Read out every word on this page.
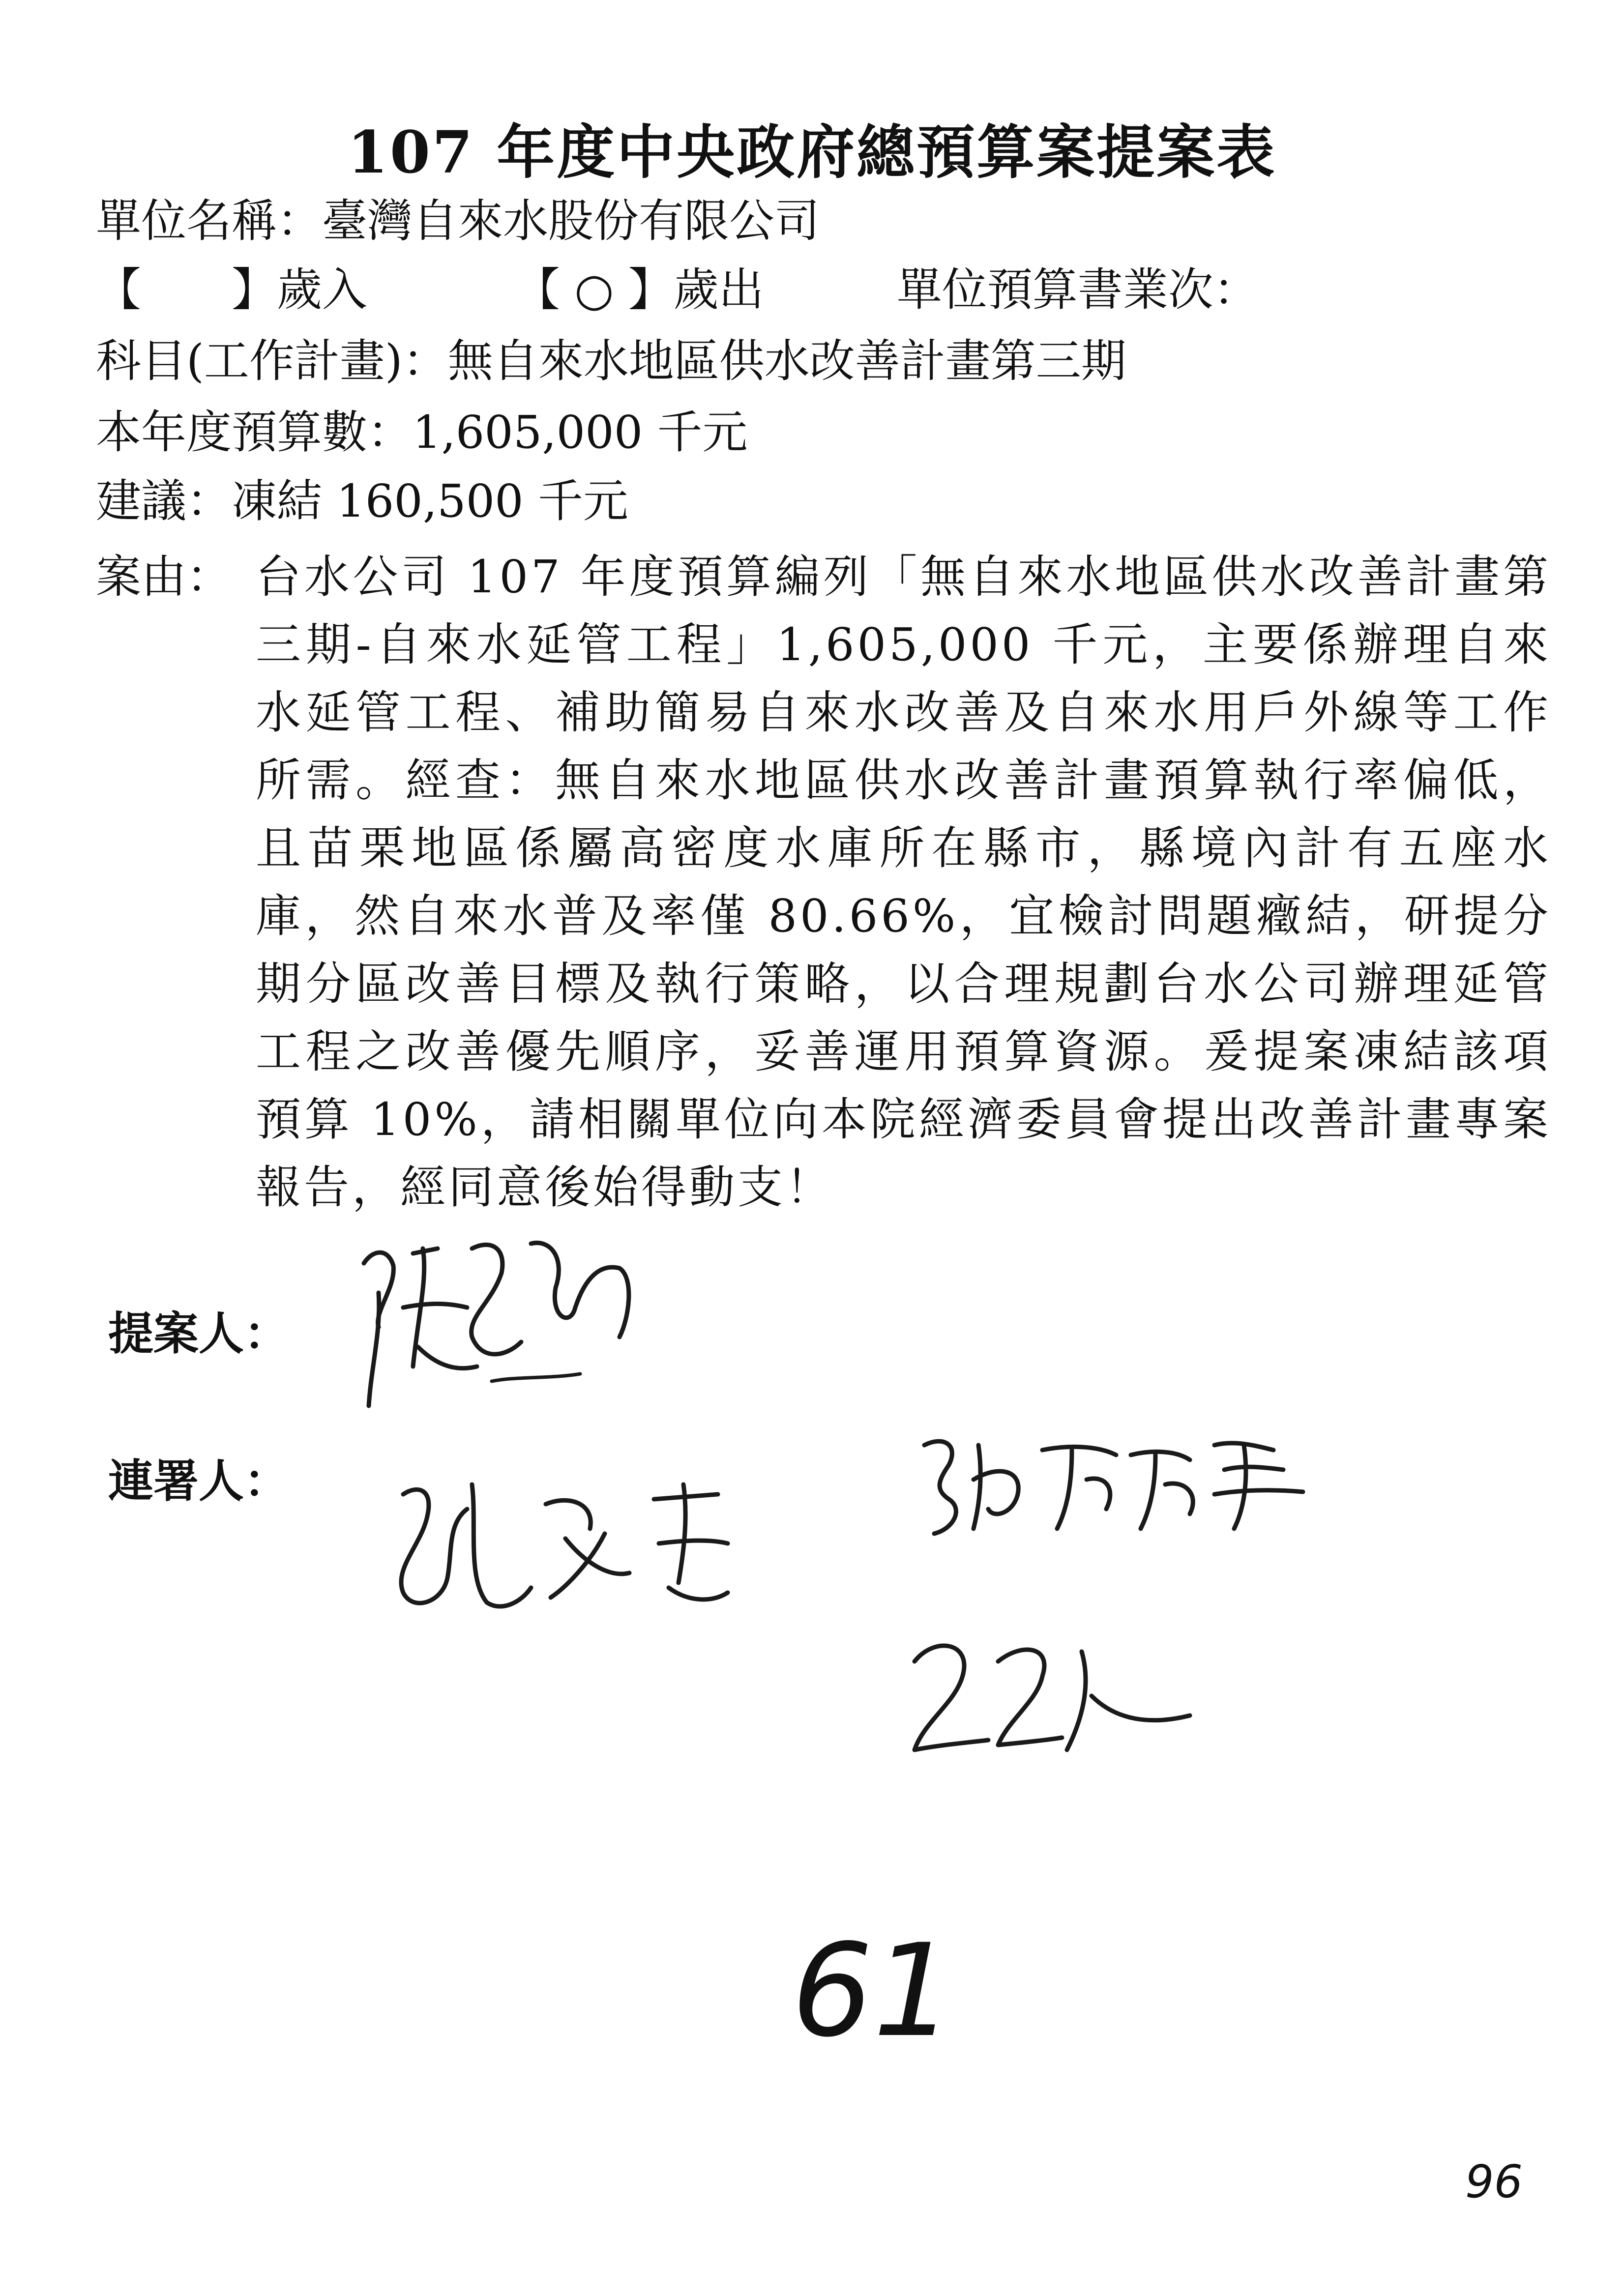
107 年度中央政府總預算案提案表
單位名稱：臺灣自來水股份有限公司
【　　】歲入	【 ○ 】歲出	單位預算書業次：
科目(工作計畫)：無自來水地區供水改善計畫第三期
本年度預算數：1,605,000 千元
建議：凍結 160,500 千元
案由： 台水公司 107 年度預算編列「無自來水地區供水改善計畫第三期-自來水延管工程」1,605,000 千元，主要係辦理自來水延管工程、補助簡易自來水改善及自來水用戶外線等工作所需。經查：無自來水地區供水改善計畫預算執行率偏低，且苗栗地區係屬高密度水庫所在縣市，縣境內計有五座水庫，然自來水普及率僅 80.66%，宜檢討問題癥結，研提分期分區改善目標及執行策略，以合理規劃台水公司辦理延管工程之改善優先順序，妥善運用預算資源。爰提案凍結該項預算 10%，請相關單位向本院經濟委員會提出改善計畫專案報告，經同意後始得動支！
提案人：
連署人：
61
96
